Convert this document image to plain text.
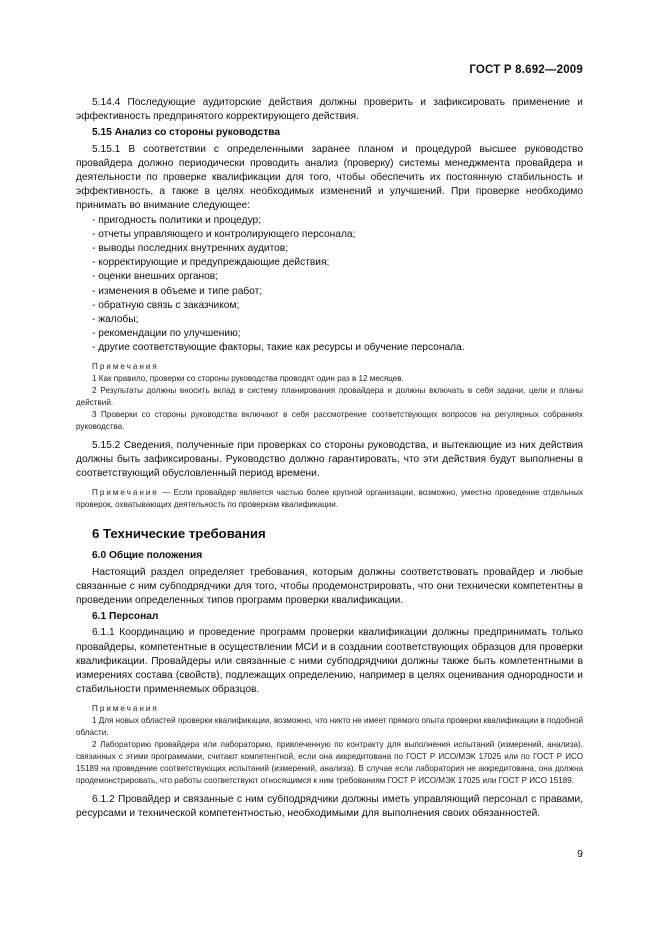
ГОСТ Р 8.692—2009

5.14.4 Последующие аудиторские действия должны проверить и зафиксировать применение и эффективность предпринятого корректирующего действия.

5.15 Анализ со стороны руководства

5.15.1 В соответствии с определенными заранее планом и процедурой высшее руководство провайдера должно периодически проводить анализ (проверку) системы менеджмента провайдера и деятельности по проверке квалификации для того, чтобы обеспечить их постоянную стабильность и эффективность, а также в целях необходимых изменений и улучшений. При проверке необходимо принимать во внимание следующее:

- пригодность политики и процедур;
- отчеты управляющего и контролирующего персонала;
- выводы последних внутренних аудитов;
- корректирующие и предупреждающие действия;
- оценки внешних органов;
- изменения в объеме и типе работ;
- обратную связь с заказчиком;
- жалобы;
- рекомендации по улучшению;
- другие соответствующие факторы, такие как ресурсы и обучение персонала.
Примечания
1 Как правило, проверки со стороны руководства проводят один раз в 12 месяцев.
2 Результаты должны вносить вклад в систему планирования провайдера и должны включать в себя задачи, цели и планы действий.
3 Проверки со стороны руководства включают в себя рассмотрение соответствующих вопросов на регулярных собраниях руководства.

5.15.2 Сведения, полученные при проверках со стороны руководства, и вытекающие из них действия должны быть зафиксированы. Руководство должно гарантировать, что эти действия будут выполнены в соответствующий обусловленный период времени.

Примечание — Если провайдер является частью более крупной организации, возможно, уместно проведение отдельных проверок, охватывающих деятельность по проверкам квалификации.
6 Технические требования
6.0 Общие положения

Настоящий раздел определяет требования, которым должны соответствовать провайдер и любые связанные с ним субподрядчики для того, чтобы продемонстрировать, что они технически компетентны в проведении определенных типов программ проверки квалификации.

6.1 Персонал

6.1.1 Координацию и проведение программ проверки квалификации должны предпринимать только провайдеры, компетентные в осуществлении МСИ и в создании соответствующих образцов для проверки квалификации. Провайдеры или связанные с ними субподрядчики должны также быть компетентными в измерениях состава (свойств), подлежащих определению, например в целях оценивания однородности и стабильности применяемых образцов.

Примечания
1 Для новых областей проверки квалификации, возможно, что никто не имеет прямого опыта проверки квалификации в подобной области.
2 Лабораторию провайдера или лабораторию, привлеченную по контракту для выполнения испытаний (измерений, анализа), связанных с этими программами, считают компетентной, если она аккредитована по ГОСТ Р ИСО/МЭК 17025 или по ГОСТ Р ИСО 15189 на проведение соответствующих испытаний (измерений, анализа). В случае если лаборатория не аккредитована, она должна продемонстрировать, что работы соответствуют относящимся к ним требованиям ГОСТ Р ИСО/МЭК 17025 или ГОСТ Р ИСО 15189.

6.1.2 Провайдер и связанные с ним субподрядчики должны иметь управляющий персонал с правами, ресурсами и технической компетентностью, необходимыми для выполнения своих обязанностей.

9
